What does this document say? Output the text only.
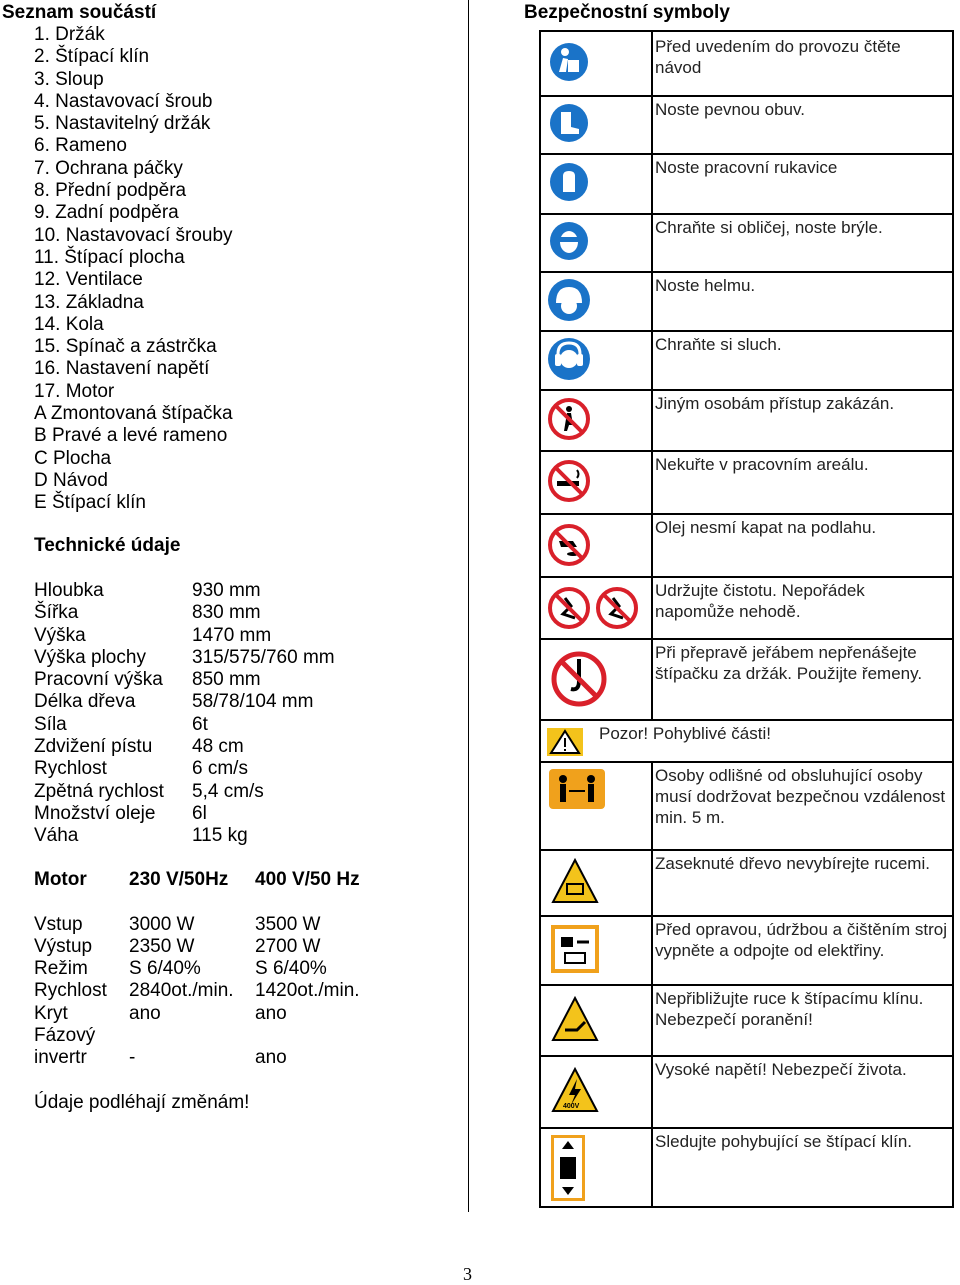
Seznam součástí
1. Držák
2. Štípací klín
3. Sloup
4. Nastavovací šroub
5. Nastavitelný držák
6. Rameno
7. Ochrana páčky
8. Přední podpěra
9. Zadní podpěra
10. Nastavovací šrouby
11. Štípací plocha
12. Ventilace
13. Základna
14. Kola
15. Spínač a zástrčka
16. Nastavení napětí
17. Motor
A Zmontovaná štípačka
B Pravé a levé rameno
C Plocha
D Návod
E Štípací klín
Technické údaje
Hloubka	930 mm
Šířka	830 mm
Výška	1470 mm
Výška plochy 315/575/760 mm
Pracovní výška 850 mm
Délka dřeva	58/78/104 mm
Síla	6t
Zdvižení pístu 48 cm
Rychlost	6 cm/s
Zpětná rychlost 5,4 cm/s
Množství oleje 6l
Váha	115 kg
Motor 230 V/50Hz 400 V/50 Hz
Vstup 3000 W	3500 W
Výstup 2350 W	2700 W
Režim S 6/40%	S 6/40%
Rychlost 2840ot./min. 1420ot./min.
Kryt	ano	ano
Fázový
invertr -	ano
Údaje podléhají změnám!
Bezpečnostní symboly
Před uvedením do provozu čtěte návod
Noste pevnou obuv.
Noste pracovní rukavice
Chraňte si obličej, noste brýle.
Noste helmu.
Chraňte si sluch.
Jiným osobám přístup zakázán.
Nekuřte v pracovním areálu.
Olej nesmí kapat na podlahu.
Udržujte čistotu. Nepořádek napomůže nehodě.
Při přepravě jeřábem nepřenášejte štípačku za držák. Použijte řemeny.
Pozor! Pohyblivé části!
Osoby odlišné od obsluhující osoby musí dodržovat bezpečnou vzdálenost min. 5 m.
Zaseknuté dřevo nevybírejte rucemi.
Před opravou, údržbou a čištěním stroj vypněte a odpojte od elektřiny.
Nepřibližujte ruce k štípacímu klínu. Nebezpečí poranění!
400V
Vysoké napětí! Nebezpečí života.
Sledujte pohybující se štípací klín.
3
